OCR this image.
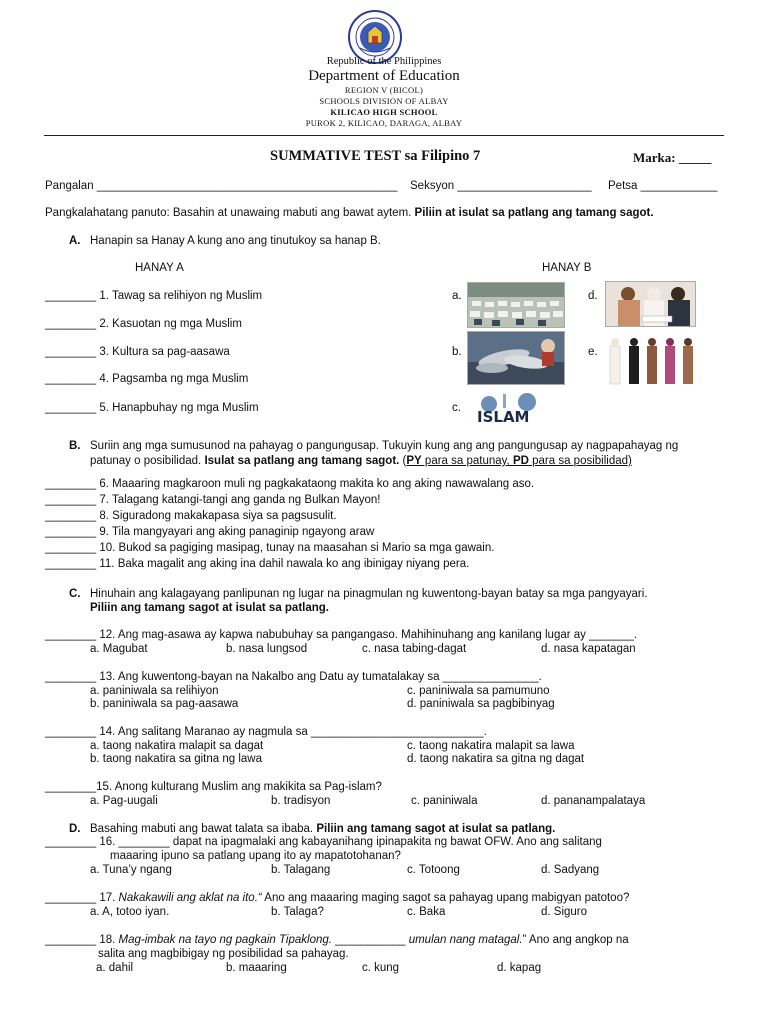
Republic of the Philippines
Department of Education
REGION V (BICOL)
SCHOOLS DIVISION OF ALBAY
KILICAO HIGH SCHOOL
PUROK 2, KILICAO, DARAGA, ALBAY
SUMMATIVE TEST sa Filipino 7	Marka: _____
Pangalan _______________________________________________ Seksyon _____________________ Petsa ____________
Pangkalahatang panuto: Basahin at unawaing mabuti ang bawat aytem. Piliin at isulat sa patlang ang tamang sagot.
A. Hanapin sa Hanay A kung ano ang tinutukoy sa hanap B.
HANAY A	HANAY B
________ 1. Tawag sa relihiyon ng Muslim
________ 2. Kasuotan ng mga Muslim
________ 3. Kultura sa pag-aasawa
________ 4. Pagsamba ng mga Muslim
________ 5. Hanapbuhay ng mga Muslim
a.
b.
c.
d.
e.
ISLAM
B. Suriin ang mga sumusunod na pahayag o pangungusap. Tukuyin kung ang ang pangungusap ay nagpapahayag ng
patunay o posibilidad. Isulat sa patlang ang tamang sagot. (PY para sa patunay, PD para sa posibilidad)
________ 6. Maaaring magkaroon muli ng pagkakataong makita ko ang aking nawawalang aso.
________ 7. Talagang katangi-tangi ang ganda ng Bulkan Mayon!
________ 8. Siguradong makakapasa siya sa pagsusulit.
________ 9. Tila mangyayari ang aking panaginip ngayong araw
________ 10. Bukod sa pagiging masipag, tunay na maasahan si Mario sa mga gawain.
________ 11. Baka magalit ang aking ina dahil nawala ko ang ibinigay niyang pera.
C. Hinuhain ang kalagayang panlipunan ng lugar na pinagmulan ng kuwentong-bayan batay sa mga pangyayari.
Piliin ang tamang sagot at isulat sa patlang.
________ 12. Ang mag-asawa ay kapwa nabubuhay sa pangangaso. Mahihinuhang ang kanilang lugar ay _______.
a. Magubat	b. nasa lungsod	c. nasa tabing-dagat	d. nasa kapatagan
________ 13. Ang kuwentong-bayan na Nakalbo ang Datu ay tumatalakay sa _______________.
a. paniniwala sa relihiyon	c. paniniwala sa pamumuno
b. paniniwala sa pag-aasawa	d. paniniwala sa pagbibinyag
________ 14. Ang salitang Maranao ay nagmula sa ___________________________.
a. taong nakatira malapit sa dagat	c. taong nakatira malapit sa lawa
b. taong nakatira sa gitna ng lawa	d. taong nakatira sa gitna ng dagat
________15. Anong kulturang Muslim ang makikita sa Pag-islam?
a. Pag-uugali	b. tradisyon	c. paniniwala	d. pananampalataya
D. Basahing mabuti ang bawat talata sa ibaba. Piliin ang tamang sagot at isulat sa patlang.
________ 16. ________ dapat na ipagmalaki ang kabayanihang ipinapakita ng bawat OFW. Ano ang salitang
maaaring ipuno sa patlang upang ito ay mapatotohanan?
a. Tuna’y ngang	b. Talagang	c. Totoong	d. Sadyang
________ 17. Nakakawili ang aklat na ito.“ Ano ang maaaring maging sagot sa pahayag upang mabigyan patotoo?
a. A, totoo iyan.	b. Talaga?	c. Baka	d. Siguro
________ 18. Mag-imbak na tayo ng pagkain Tipaklong. ___________ umulan nang matagal.” Ano ang angkop na
salita ang magbibigay ng posibilidad sa pahayag.
a. dahil	b. maaaring	c. kung	d. kapag
